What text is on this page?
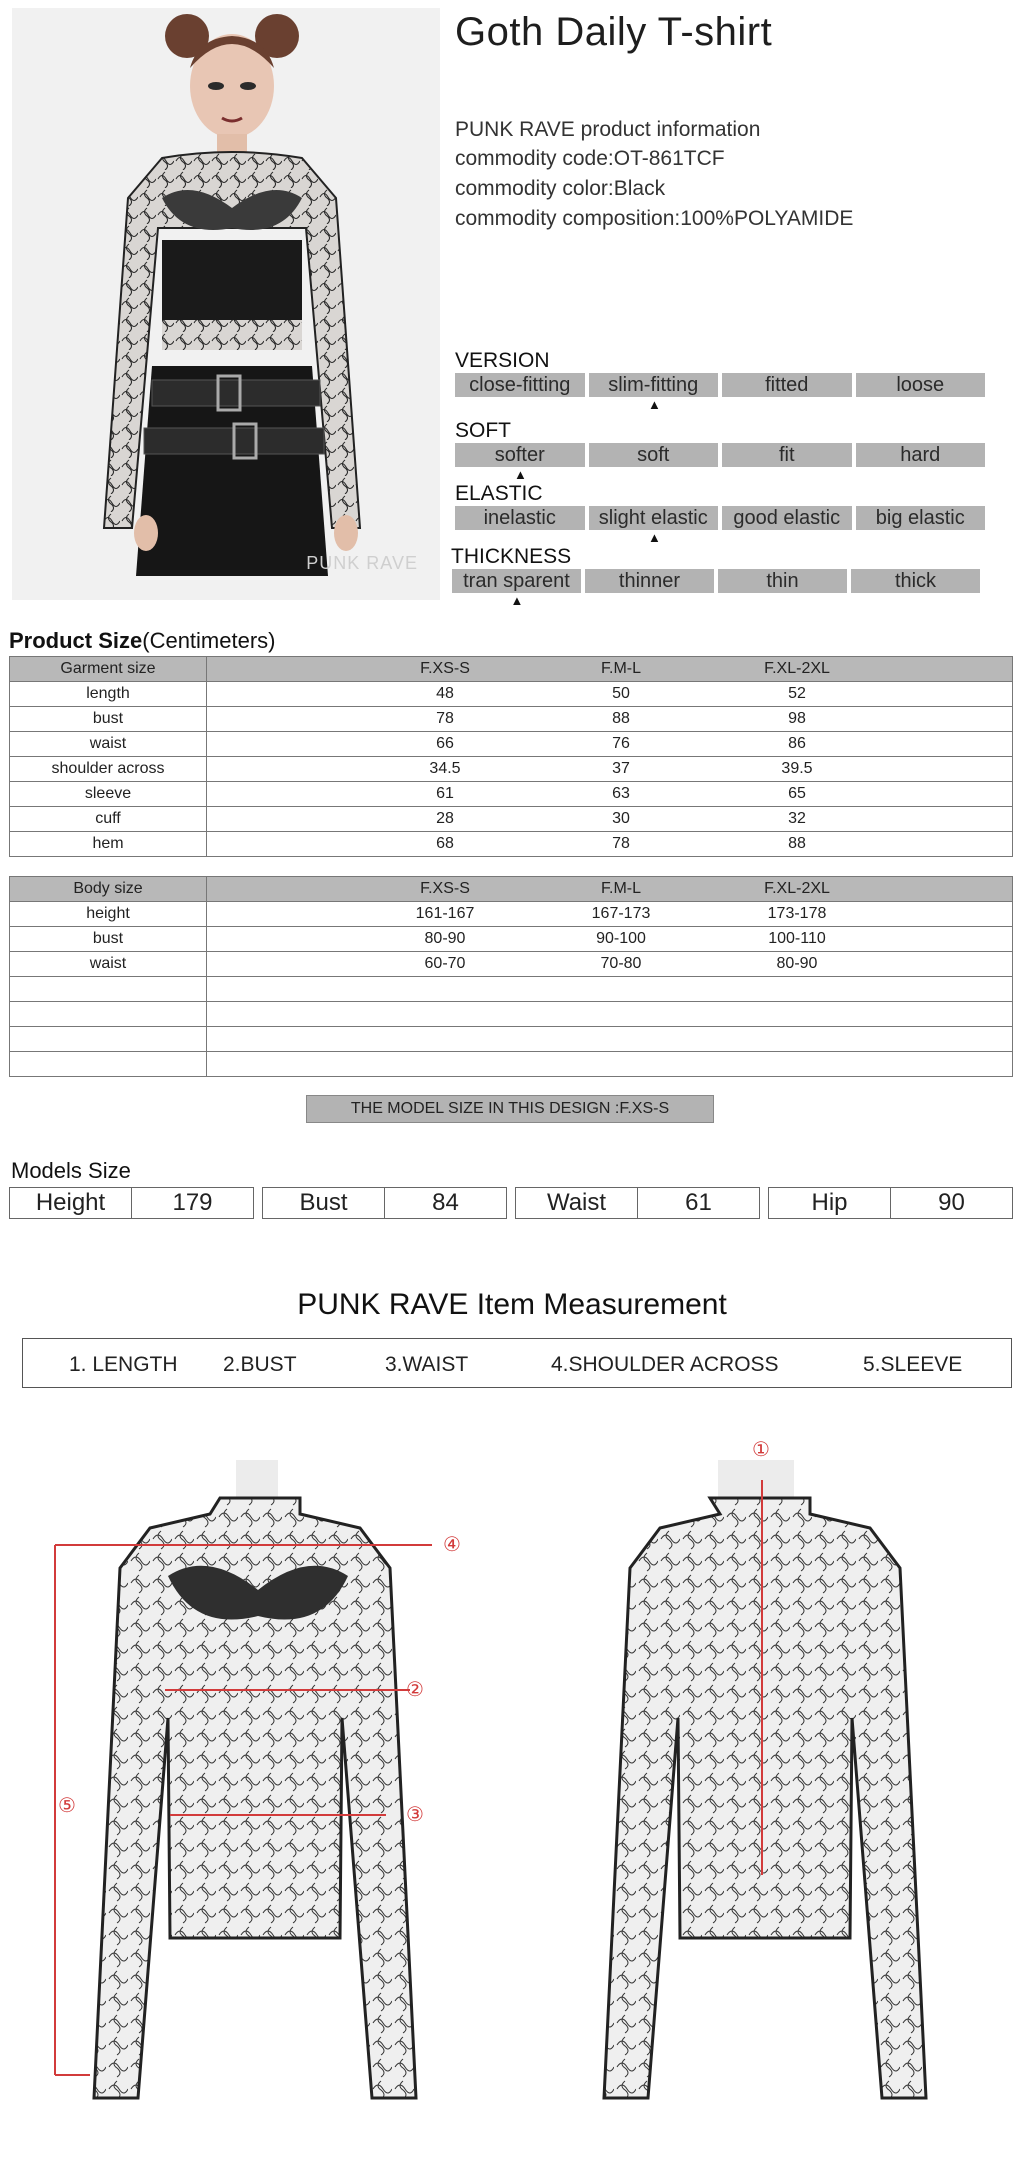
PUNK RAVE
Goth Daily T-shirt
PUNK RAVE product information
commodity code:OT-861TCF
commodity color:Black
commodity composition:100%POLYAMIDE
VERSION
close-fitting	slim-fitting	fitted	loose
▲
SOFT
softer	soft	fit	hard
▲
ELASTIC
inelastic	slight elastic	good elastic	big elastic
▲
THICKNESS
tran sparent	thinner	thin	thick
▲
Product Size(Centimeters)
Garment size	F.XS-S F.M-L F.XL-2XL

length	48 50 52

bust	78 88 98

waist	66 76 86

shoulder across	34.5 37 39.5

sleeve	61 63 65

cuff	28 30 32

hem	68 78 88
Body size	F.XS-S F.M-L F.XL-2XL

height	161-167 167-173 173-178

bust	80-90 90-100 100-110

waist	60-70 70-80 80-90

THE MODEL SIZE IN THIS DESIGN :F.XS-S
Models Size
Height	179	Bust	84	Waist	61	Hip	90
PUNK RAVE Item Measurement
1. LENGTH 2.BUST	3.WAIST	4.SHOULDER ACROSS	5.SLEEVE
④
②
③
⑤
①
